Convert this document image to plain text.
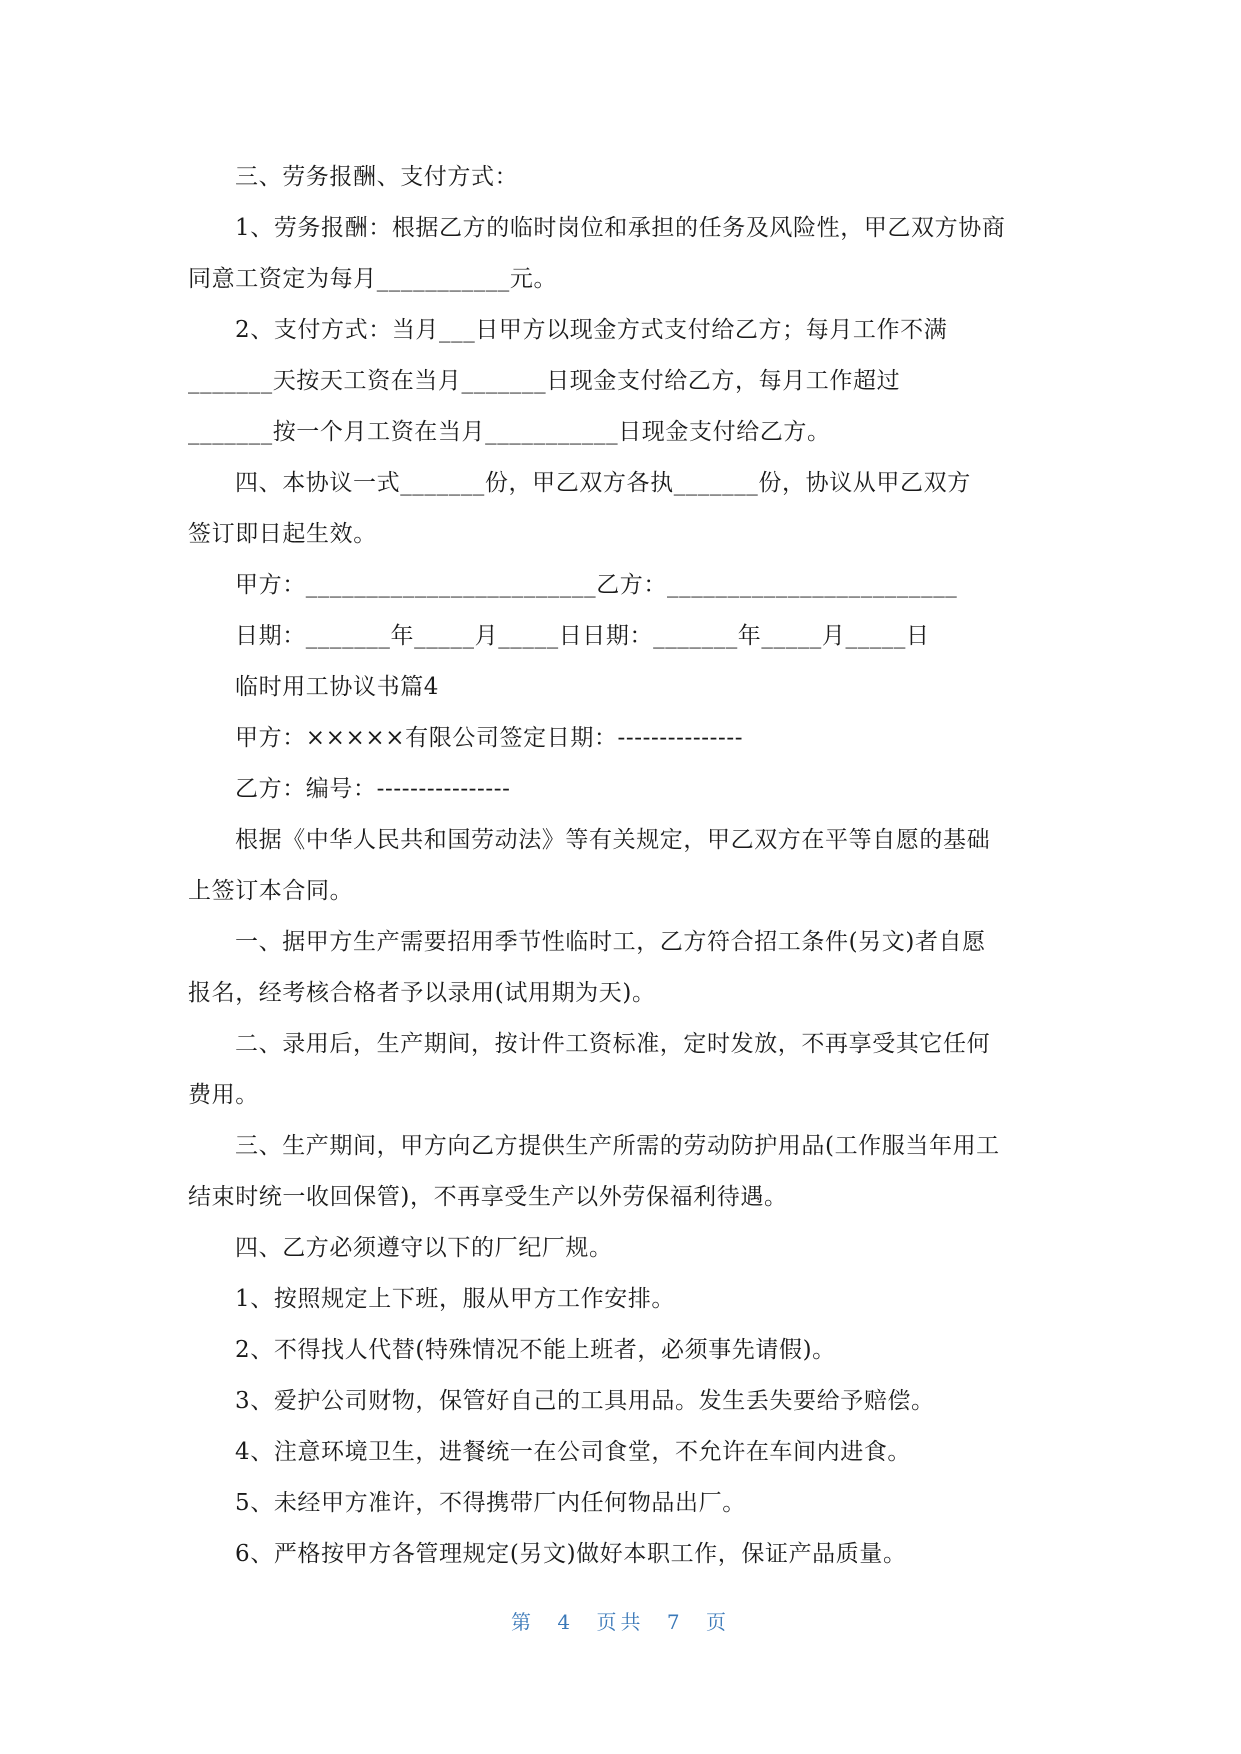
三、劳务报酬、支付方式：
1、劳务报酬：根据乙方的临时岗位和承担的任务及风险性，甲乙双方协商
同意工资定为每月___________元。
2、支付方式：当月___日甲方以现金方式支付给乙方；每月工作不满
_______天按天工资在当月_______日现金支付给乙方，每月工作超过
_______按一个月工资在当月___________日现金支付给乙方。
四、本协议一式_______份，甲乙双方各执_______份，协议从甲乙双方
签订即日起生效。
甲方：________________________乙方：________________________
日期：_______年_____月_____日日期：_______年_____月_____日
临时用工协议书篇4
甲方：×××××有限公司签定日期：---------------
乙方：编号：----------------
根据《中华人民共和国劳动法》等有关规定，甲乙双方在平等自愿的基础
上签订本合同。
一、据甲方生产需要招用季节性临时工，乙方符合招工条件(另文)者自愿
报名，经考核合格者予以录用(试用期为天)。
二、录用后，生产期间，按计件工资标准，定时发放，不再享受其它任何
费用。
三、生产期间，甲方向乙方提供生产所需的劳动防护用品(工作服当年用工
结束时统一收回保管)，不再享受生产以外劳保福利待遇。
四、乙方必须遵守以下的厂纪厂规。
1、按照规定上下班，服从甲方工作安排。
2、不得找人代替(特殊情况不能上班者，必须事先请假)。
3、爱护公司财物，保管好自己的工具用品。发生丢失要给予赔偿。
4、注意环境卫生，进餐统一在公司食堂，不允许在车间内进食。
5、未经甲方准许，不得携带厂内任何物品出厂。
6、严格按甲方各管理规定(另文)做好本职工作，保证产品质量。
第 4 页共 7 页
